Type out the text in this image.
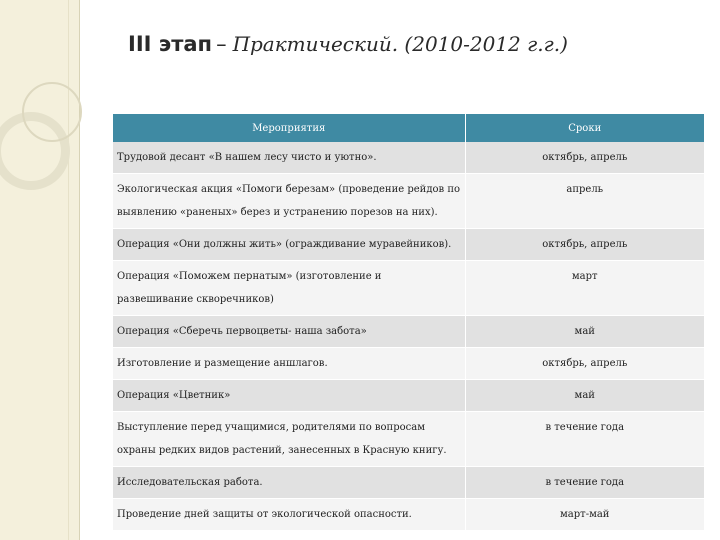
III этап – Практический. (2010-2012 г.г.)
Мероприятия	Сроки
Трудовой десант «В нашем лесу чисто и уютно».	октябрь, апрель
Экологическая акция «Помоги березам» (проведение рейдов по выявлению «раненых» берез и устранению порезов на них).	апрель
Операция «Они должны жить» (ограждивание муравейников).	октябрь, апрель
Операция «Поможем пернатым» (изготовление и развешивание скворечников)	март
Операция «Сберечь первоцветы- наша забота»	май
Изготовление и размещение аншлагов.	октябрь, апрель
Операция «Цветник»	май
Выступление перед учащимися, родителями по вопросам охраны редких видов растений, занесенных в Красную книгу.	в течение года
Исследовательская работа.	в течение года
Проведение дней защиты от экологической опасности.	март-май
